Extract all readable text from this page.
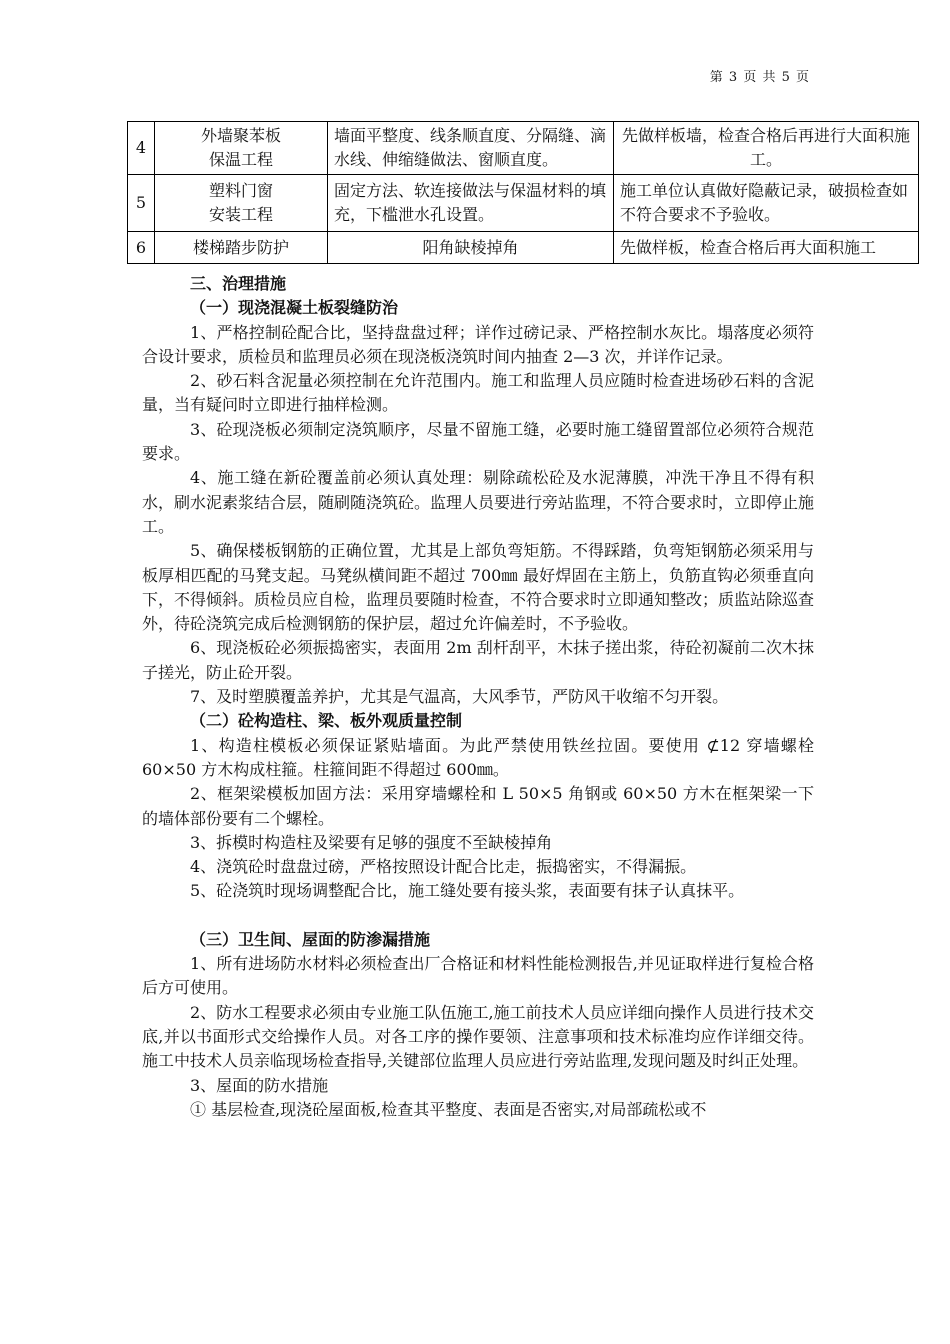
第 3 页 共 5 页
4	外墙聚苯板
保温工程	墙面平整度、线条顺直度、分隔缝、滴水线、伸缩缝做法、窗顺直度。	先做样板墙，检查合格后再进行大面积施工。
5	塑料门窗
安装工程	固定方法、软连接做法与保温材料的填充，下槛泄水孔设置。	施工单位认真做好隐蔽记录，破损检查如不符合要求不予验收。
6	楼梯踏步防护	阳角缺棱掉角	先做样板，检查合格后再大面积施工

三、治理措施

（一）现浇混凝土板裂缝防治

1、严格控制砼配合比，坚持盘盘过秤；详作过磅记录、严格控制水灰比。塌落度必须符合设计要求，质检员和监理员必须在现浇板浇筑时间内抽查 2—3 次，并详作记录。

2、砂石料含泥量必须控制在允许范围内。施工和监理人员应随时检查进场砂石料的含泥量，当有疑问时立即进行抽样检测。

3、砼现浇板必须制定浇筑顺序，尽量不留施工缝，必要时施工缝留置部位必须符合规范要求。

4、施工缝在新砼覆盖前必须认真处理：剔除疏松砼及水泥薄膜，冲洗干净且不得有积水，刷水泥素浆结合层，随刷随浇筑砼。监理人员要进行旁站监理，不符合要求时，立即停止施工。

5、确保楼板钢筋的正确位置，尤其是上部负弯矩筋。不得踩踏，负弯矩钢筋必须采用与板厚相匹配的马凳支起。马凳纵横间距不超过 700㎜ 最好焊固在主筋上，负筋直钩必须垂直向下，不得倾斜。质检员应自检，监理员要随时检查，不符合要求时立即通知整改；质监站除巡查外，待砼浇筑完成后检测钢筋的保护层，超过允许偏差时，不予验收。

6、现浇板砼必须振捣密实，表面用 2m 刮杆刮平，木抹子搓出浆，待砼初凝前二次木抹子搓光，防止砼开裂。

7、及时塑膜覆盖养护，尤其是气温高，大风季节，严防风干收缩不匀开裂。

（二）砼构造柱、梁、板外观质量控制

1、构造柱模板必须保证紧贴墙面。为此严禁使用铁丝拉固。要使用 ⊄12 穿墙螺栓 60×50 方木构成柱箍。柱箍间距不得超过 600㎜。

2、框架梁模板加固方法：采用穿墙螺栓和 L 50×5 角钢或 60×50 方木在框架梁一下的墙体部份要有二个螺栓。

3、拆模时构造柱及梁要有足够的强度不至缺棱掉角

4、浇筑砼时盘盘过磅，严格按照设计配合比走，振捣密实，不得漏振。

5、砼浇筑时现场调整配合比，施工缝处要有接头浆，表面要有抹子认真抹平。

（三）卫生间、屋面的防渗漏措施

1、所有进场防水材料必须检查出厂合格证和材料性能检测报告,并见证取样进行复检合格后方可使用。

2、防水工程要求必须由专业施工队伍施工,施工前技术人员应详细向操作人员进行技术交底,并以书面形式交给操作人员。对各工序的操作要领、注意事项和技术标准均应作详细交待。施工中技术人员亲临现场检查指导,关键部位监理人员应进行旁站监理,发现问题及时纠正处理。

3、屋面的防水措施

① 基层检查,现浇砼屋面板,检查其平整度、表面是否密实,对局部疏松或不
